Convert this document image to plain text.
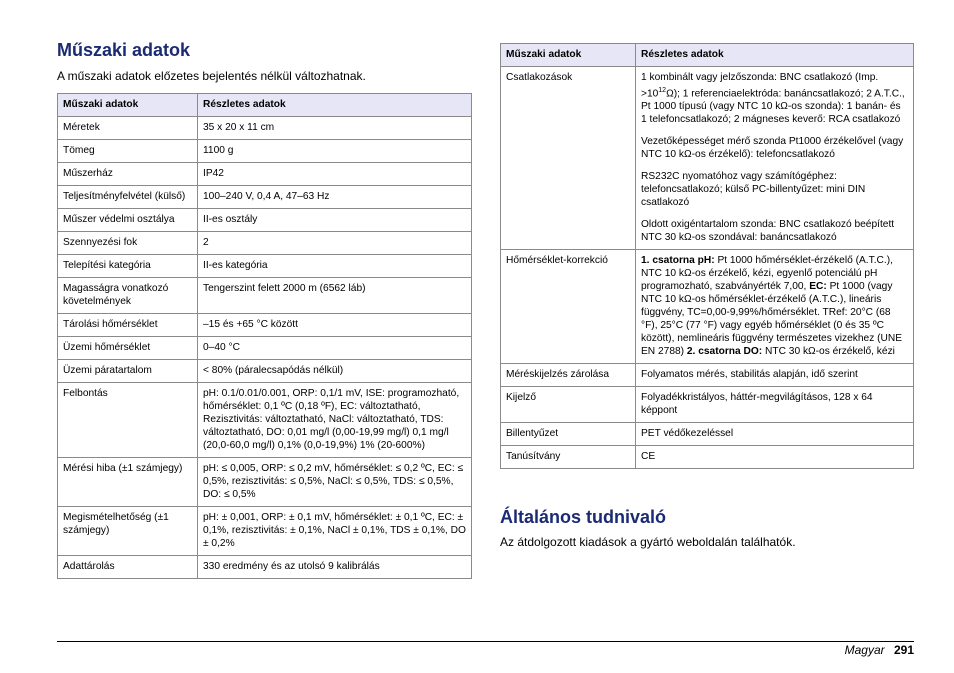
Műszaki adatok
A műszaki adatok előzetes bejelentés nélkül változhatnak.
Műszaki adatok	Részletes adatok
Méretek	35 x 20 x 11 cm
Tömeg	1100 g
Műszerház	IP42
Teljesítményfelvétel (külső)	100–240 V, 0,4 A, 47–63 Hz
Műszer védelmi osztálya	II-es osztály
Szennyezési fok	2
Telepítési kategória	II-es kategória
Magasságra vonatkozó követelmények	Tengerszint felett 2000 m (6562 láb)
Tárolási hőmérséklet	–15 és +65 °C között
Üzemi hőmérséklet	0–40 °C
Üzemi páratartalom	< 80% (páralecsapódás nélkül)
Felbontás	pH: 0.1/0.01/0.001, ORP: 0,1/1 mV, ISE: programozható, hőmérséklet: 0,1 ºC (0,18 ºF), EC: változtatható, Rezisztivitás: változtatható, NaCl: változtatható, TDS: változtatható, DO: 0,01 mg/l (0,00-19,99 mg/l) 0,1 mg/l (20,0-60,0 mg/l) 0,1% (0,0-19,9%) 1% (20-600%)
Mérési hiba (±1 számjegy)	pH: ≤ 0,005, ORP: ≤ 0,2 mV, hőmérséklet: ≤ 0,2 ºC, EC: ≤ 0,5%, rezisztivitás: ≤ 0,5%, NaCl: ≤ 0,5%, TDS: ≤ 0,5%, DO: ≤ 0,5%
Megismételhetőség (±1 számjegy)	pH: ± 0,001, ORP: ± 0,1 mV, hőmérséklet: ± 0,1 ºC, EC: ± 0,1%, rezisztivitás: ± 0,1%, NaCl ± 0,1%, TDS ± 0,1%, DO ± 0,2%
Adattárolás	330 eredmény és az utolsó 9 kalibrálás
Műszaki adatok	Részletes adatok
Csatlakozások	1 kombinált vagy jelzőszonda: BNC csatlakozó (Imp. $>10^{12}\Omega$); 1 referenciaelektróda: banáncsatlakozó; 2 A.T.C., Pt 1000 típusú (vagy NTC 10 kΩ-os szonda): 1 banán- és 1 telefoncsatlakozó; 2 mágneses keverő: RCA csatlakozó
Vezetőképességet mérő szonda Pt1000 érzékelővel (vagy NTC 10 kΩ-os érzékelő): telefoncsatlakozó
RS232C nyomatóhoz vagy számítógéphez: telefoncsatlakozó; külső PC-billentyűzet: mini DIN csatlakozó
Oldott oxigéntartalom szonda: BNC csatlakozó beépített NTC 30 kΩ-os szondával: banáncsatlakozó

Hőmérséklet-korrekció	1. csatorna pH: Pt 1000 hőmérséklet-érzékelő (A.T.C.), NTC 10 kΩ-os érzékelő, kézi, egyenlő potenciálú pH programozható, szabványérték 7,00, EC: Pt 1000 (vagy NTC 10 kΩ-os hőmérséklet-érzékelő (A.T.C.), lineáris függvény, TC=0,00-9,99%/hőmérséklet. TRef: 20°C (68 °F), 25°C (77 °F) vagy egyéb hőmérséklet (0 és 35 ºC között), nemlineáris függvény természetes vizekhez (UNE EN 2788) 2. csatorna DO: NTC 30 kΩ-os érzékelő, kézi
Méréskijelzés zárolása	Folyamatos mérés, stabilitás alapján, idő szerint
Kijelző	Folyadékkristályos, háttér-megvilágításos, 128 x 64 képpont
Billentyűzet	PET védőkezeléssel
Tanúsítvány	CE
Általános tudnivaló
Az átdolgozott kiadások a gyártó weboldalán találhatók.
Magyar 291
